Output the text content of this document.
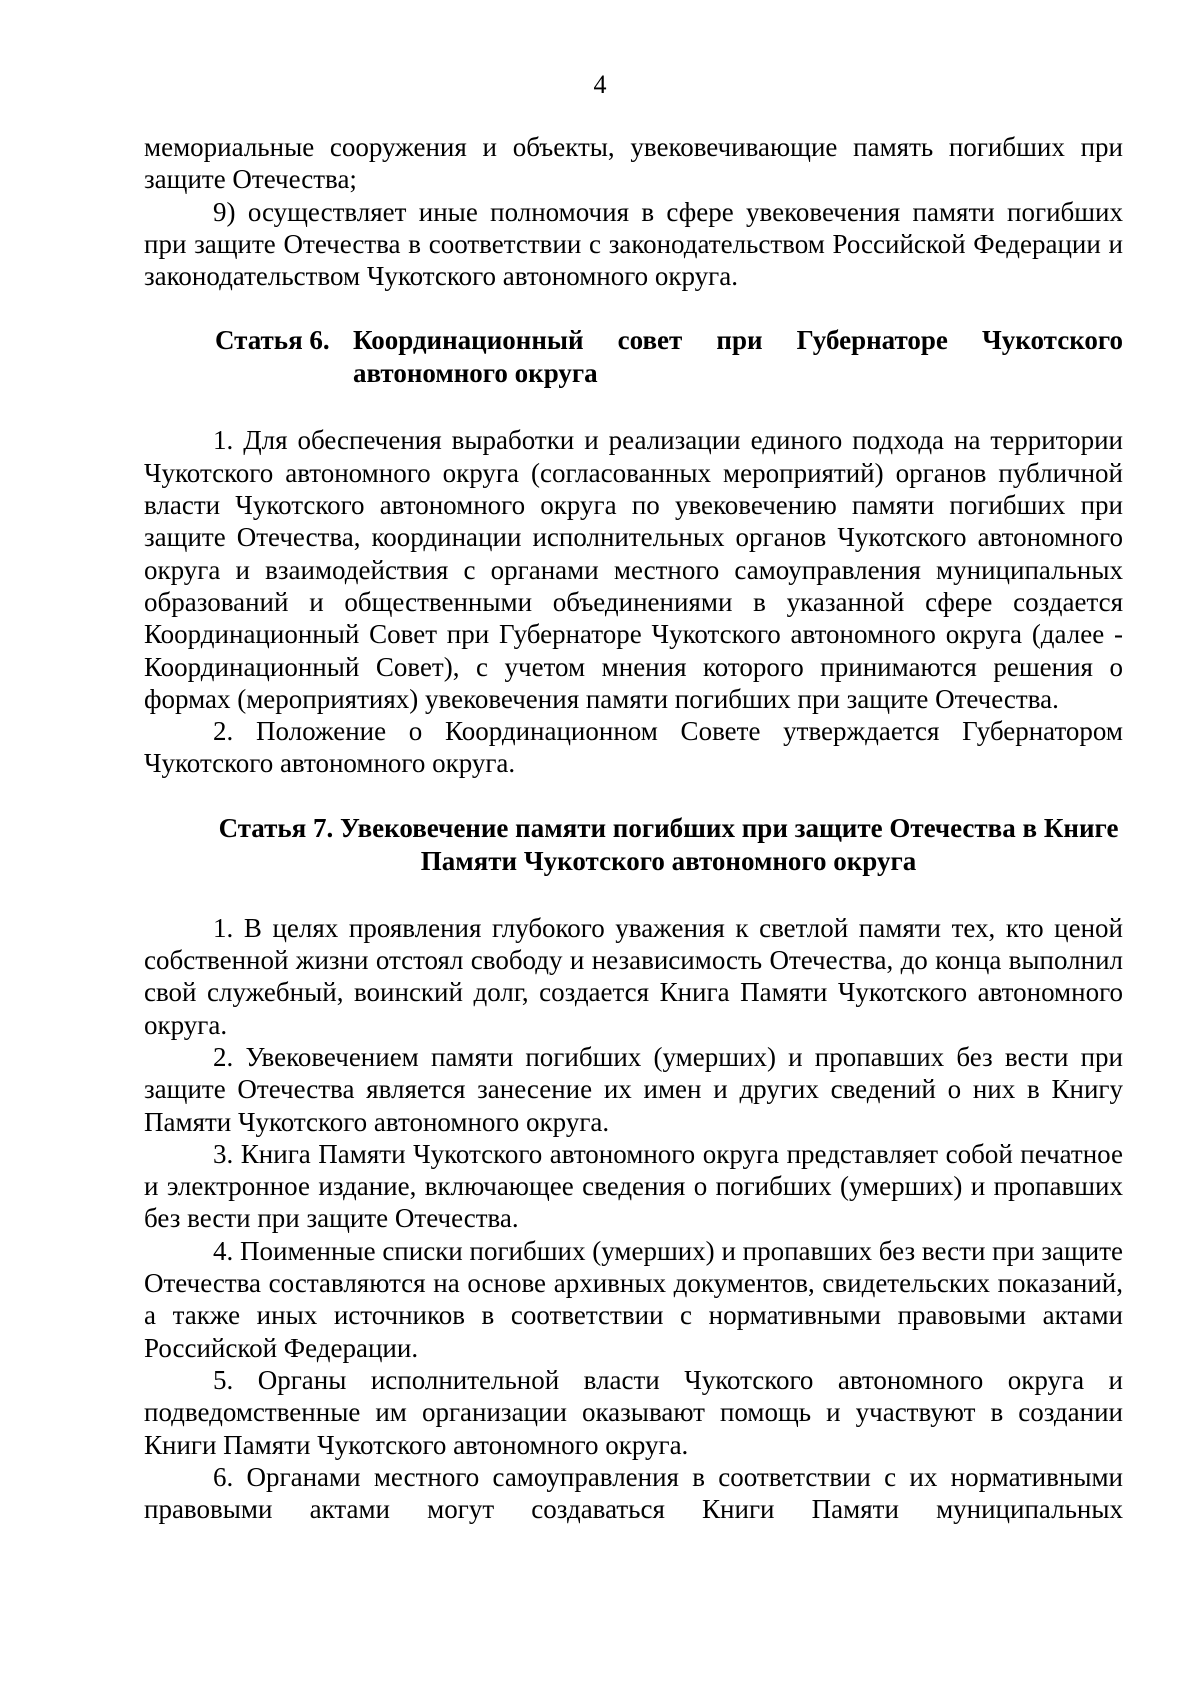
4

мемориальные сооружения и объекты, увековечивающие память погибших при защите Отечества;

9) осуществляет иные полномочия в сфере увековечения памяти погибших при защите Отечества в соответствии с законодательством Российской Федерации и законодательством Чукотского автономного округа.

Статья 6. Координационный совет при Губернаторе Чукотского автономного округа

1. Для обеспечения выработки и реализации единого подхода на территории Чукотского автономного округа (согласованных мероприятий) органов публичной власти Чукотского автономного округа по увековечению памяти погибших при защите Отечества, координации исполнительных органов Чукотского автономного округа и взаимодействия с органами местного самоуправления муниципальных образований и общественными объединениями в указанной сфере создается Координационный Совет при Губернаторе Чукотского автономного округа (далее - Координационный Совет), с учетом мнения которого принимаются решения о формах (мероприятиях) увековечения памяти погибших при защите Отечества.

2. Положение о Координационном Совете утверждается Губернатором Чукотского автономного округа.

Статья 7. Увековечение памяти погибших при защите Отечества в Книге Памяти Чукотского автономного округа

1. В целях проявления глубокого уважения к светлой памяти тех, кто ценой собственной жизни отстоял свободу и независимость Отечества, до конца выполнил свой служебный, воинский долг, создается Книга Памяти Чукотского автономного округа.

2. Увековечением памяти погибших (умерших) и пропавших без вести при защите Отечества является занесение их имен и других сведений о них в Книгу Памяти Чукотского автономного округа.

3. Книга Памяти Чукотского автономного округа представляет собой печатное и электронное издание, включающее сведения о погибших (умерших) и пропавших без вести при защите Отечества.

4. Поименные списки погибших (умерших) и пропавших без вести при защите Отечества составляются на основе архивных документов, свидетельских показаний, а также иных источников в соответствии с нормативными правовыми актами Российской Федерации.

5. Органы исполнительной власти Чукотского автономного округа и подведомственные им организации оказывают помощь и участвуют в создании Книги Памяти Чукотского автономного округа.

6. Органами местного самоуправления в соответствии с их нормативными правовыми актами могут создаваться Книги Памяти муниципальных
